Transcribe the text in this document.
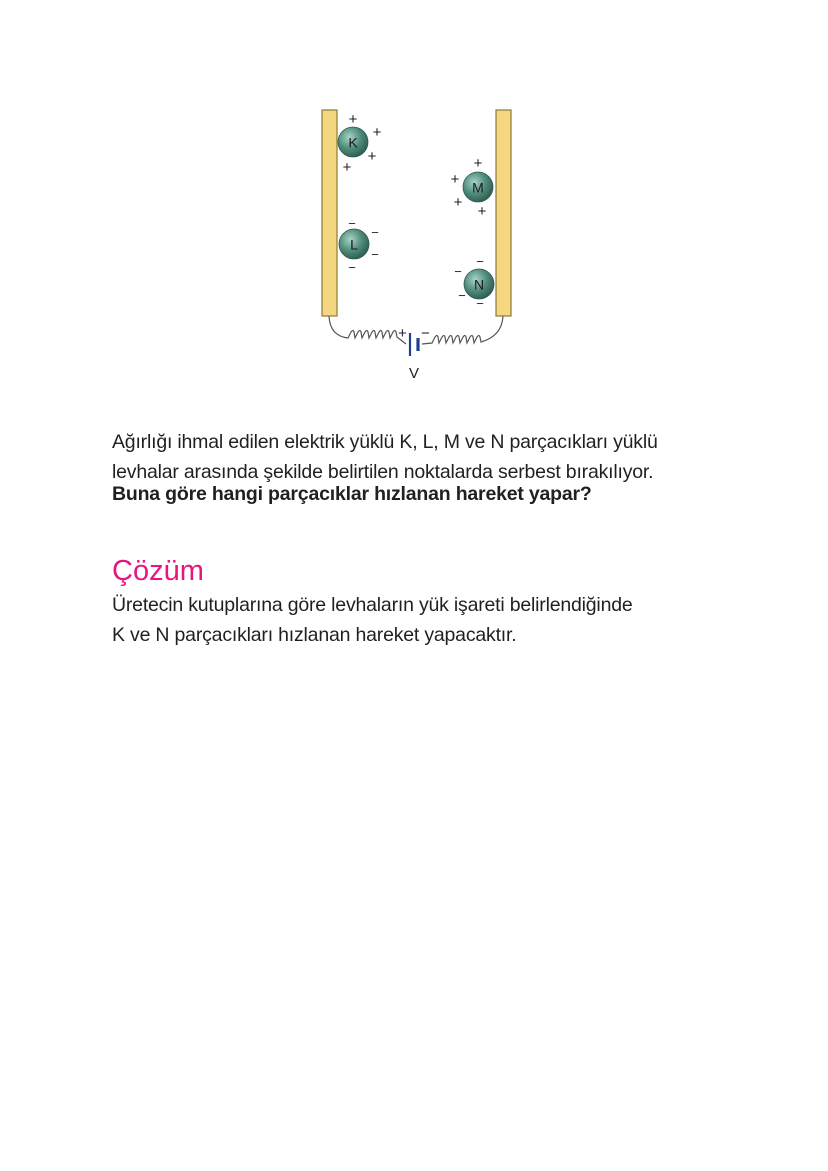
+ −
V
K
+
+
+
+
L
−
−
−
−
M
+
+
+
+
N
−
−
−
−
Ağırlığı ihmal edilen elektrik yüklü K, L, M ve N parçacıkları yüklü
levhalar arasında şekilde belirtilen noktalarda serbest bırakılıyor.
Buna göre hangi parçacıklar hızlanan hareket yapar?
Çözüm
Üretecin kutuplarına göre levhaların yük işareti belirlendiğinde
K ve N parçacıkları hızlanan hareket yapacaktır.
